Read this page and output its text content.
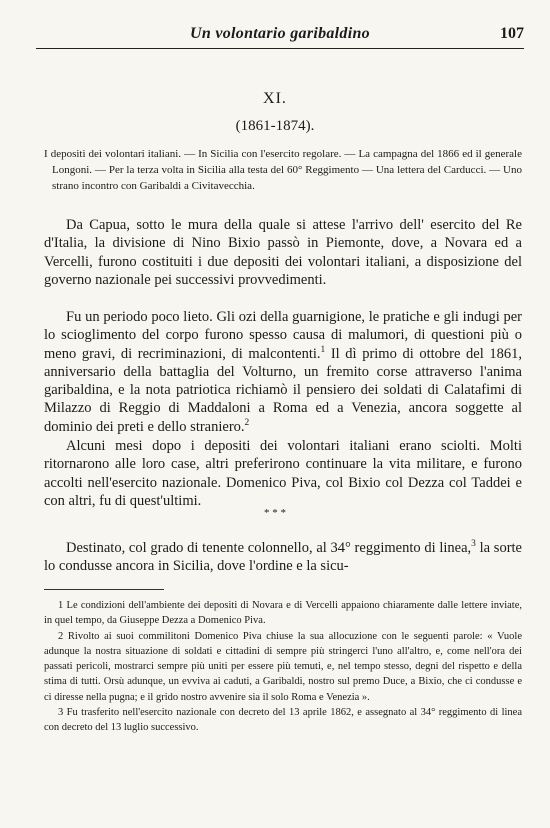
Un volontario garibaldino	107
XI.
(1861-1874).
I depositi dei volontari italiani. — In Sicilia con l'esercito regolare. — La campagna del 1866 ed il generale Longoni. — Per la terza volta in Sicilia alla testa del 60° Reggimento — Una lettera del Carducci. — Uno strano incontro con Garibaldi a Civitavecchia.

Da Capua, sotto le mura della quale si attese l'arrivo dell' esercito del Re d'Italia, la divisione di Nino Bixio passò in Piemonte, dove, a Novara ed a Vercelli, furono costituiti i due depositi dei volontari italiani, a disposizione del governo nazionale pei successivi provvedimenti.

Fu un periodo poco lieto. Gli ozi della guarnigione, le pratiche e gli indugi per lo scioglimento del corpo furono spesso causa di malumori, di questioni più o meno gravi, di recriminazioni, di malcontenti.$^1$ Il dì primo di ottobre del 1861, anniversario della battaglia del Volturno, un fremito corse attraverso l'anima garibaldina, e la nota patriotica richiamò il pensiero dei soldati di Calatafimi di Milazzo di Reggio di Maddaloni a Roma ed a Venezia, ancora soggette al dominio dei preti e dello straniero.$^2$

Alcuni mesi dopo i depositi dei volontari italiani erano sciolti. Molti ritornarono alle loro case, altri preferirono continuare la vita militare, e furono accolti nell'esercito nazionale. Domenico Piva, col Bixio col Dezza col Taddei e con altri, fu di quest'ultimi.

* * *

Destinato, col grado di tenente colonnello, al 34° reggimento di linea,$^3$ la sorte lo condusse ancora in Sicilia, dove l'ordine e la sicu-

1 Le condizioni dell'ambiente dei depositi di Novara e di Vercelli appaiono chiaramente dalle lettere inviate, in quel tempo, da Giuseppe Dezza a Domenico Piva.

2 Rivolto ai suoi commilitoni Domenico Piva chiuse la sua allocuzione con le seguenti parole: « Vuole adunque la nostra situazione di soldati e cittadini di sempre più stringerci l'uno all'altro, e, come nell'ora dei passati pericoli, mostrarci sempre più uniti per essere più temuti, e, nel tempo stesso, degni del rispetto e della stima di tutti. Orsù adunque, un evviva ai caduti, a Garibaldi, nostro sul premo Duce, a Bixio, che ci condusse e ci diresse nella pugna; e il grido nostro avvenire sia il solo Roma e Venezia ».

3 Fu trasferito nell'esercito nazionale con decreto del 13 aprile 1862, e assegnato al 34° reggimento di linea con decreto del 13 luglio successivo.
